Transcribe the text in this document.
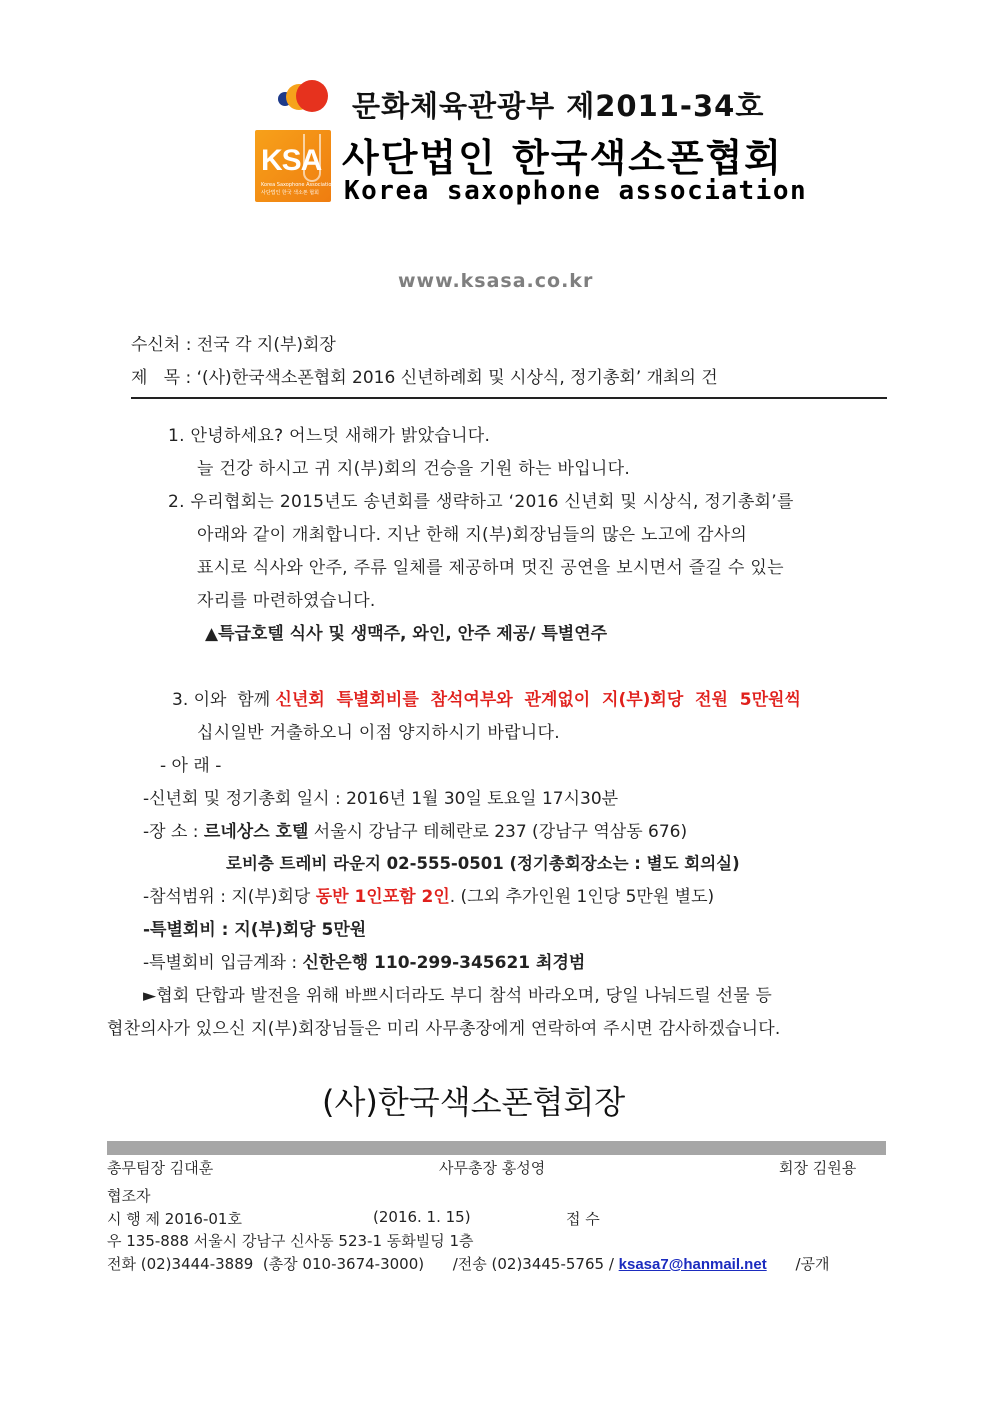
문화체육관광부 제2011-34호
KSA
Korea Saxophone Association
사단법인 한국 색소폰 협회
사단법인 한국색소폰협회
Korea saxophone association
www.ksasa.co.kr
수신처 : 전국 각 지(부)회장
제   목 : ‘(사)한국색소폰협회 2016 신년하례회 및 시상식, 정기총회’ 개최의 건
1. 안녕하세요? 어느덧 새해가 밝았습니다.
늘 건강 하시고 귀 지(부)회의 건승을 기원 하는 바입니다.
2. 우리협회는 2015년도 송년회를 생략하고 ‘2016 신년회 및 시상식, 정기총회’를
아래와 같이 개최합니다. 지난 한해 지(부)회장님들의 많은 노고에 감사의
표시로 식사와 안주, 주류 일체를 제공하며 멋진 공연을 보시면서 즐길 수 있는
자리를 마련하였습니다.
▲특급호텔 식사 및 생맥주, 와인, 안주 제공/ 특별연주
3. 이와  함께 신년회  특별회비를  참석여부와  관계없이  지(부)회당  전원  5만원씩
십시일반 거출하오니 이점 양지하시기 바랍니다.
- 아 래 -
-신년회 및 정기총회 일시 : 2016년 1월 30일 토요일 17시30분
-장 소 : 르네상스 호텔 서울시 강남구 테헤란로 237 (강남구 역삼동 676)
로비층 트레비 라운지 02-555-0501 (정기총회장소는 : 별도 회의실)
-참석범위 : 지(부)회당 동반 1인포함 2인. (그외 추가인원 1인당 5만원 별도)
-특별회비 : 지(부)회당 5만원
-특별회비 입금계좌 : 신한은행 110-299-345621 최경범
►협회 단합과 발전을 위해 바쁘시더라도 부디 참석 바라오며, 당일 나눠드릴 선물 등
협찬의사가 있으신 지(부)회장님들은 미리 사무총장에게 연락하여 주시면 감사하겠습니다.
(사)한국색소폰협회장
총무팀장 김대훈	사무총장 홍성영	회장 김원용
협조자
시 행 제 2016-01호	(2016. 1. 15)	접 수
우 135-888 서울시 강남구 신사동 523-1 동화빌딩 1층
전화 (02)3444-3889  (총장 010-3674-3000)      /전송 (02)3445-5765 / ksasa7@hanmail.net /공개
